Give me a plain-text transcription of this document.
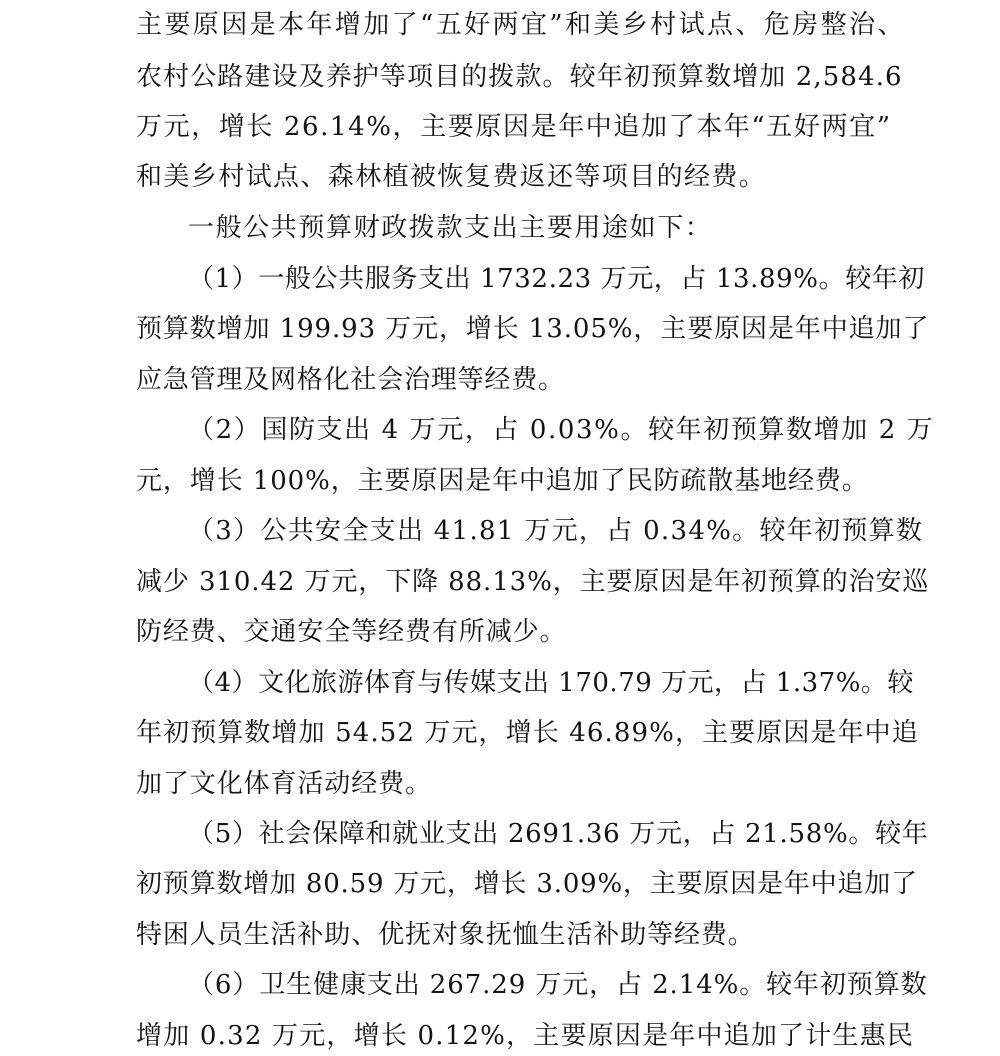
主要原因是本年增加了“五好两宜”和美乡村试点、危房整治、
农村公路建设及养护等项目的拨款。较年初预算数增加 2,584.6
万元，增长 26.14%，主要原因是年中追加了本年“五好两宜”
和美乡村试点、森林植被恢复费返还等项目的经费。
一般公共预算财政拨款支出主要用途如下：
（1）一般公共服务支出 1732.23 万元，占 13.89%。较年初
预算数增加 199.93 万元，增长 13.05%，主要原因是年中追加了
应急管理及网格化社会治理等经费。
（2）国防支出 4 万元，占 0.03%。较年初预算数增加 2 万
元，增长 100%，主要原因是年中追加了民防疏散基地经费。
（3）公共安全支出 41.81 万元，占 0.34%。较年初预算数
减少 310.42 万元，下降 88.13%，主要原因是年初预算的治安巡
防经费、交通安全等经费有所减少。
（4）文化旅游体育与传媒支出 170.79 万元，占 1.37%。较
年初预算数增加 54.52 万元，增长 46.89%，主要原因是年中追
加了文化体育活动经费。
（5）社会保障和就业支出 2691.36 万元，占 21.58%。较年
初预算数增加 80.59 万元，增长 3.09%，主要原因是年中追加了
特困人员生活补助、优抚对象抚恤生活补助等经费。
（6）卫生健康支出 267.29 万元，占 2.14%。较年初预算数
增加 0.32 万元，增长 0.12%，主要原因是年中追加了计生惠民
